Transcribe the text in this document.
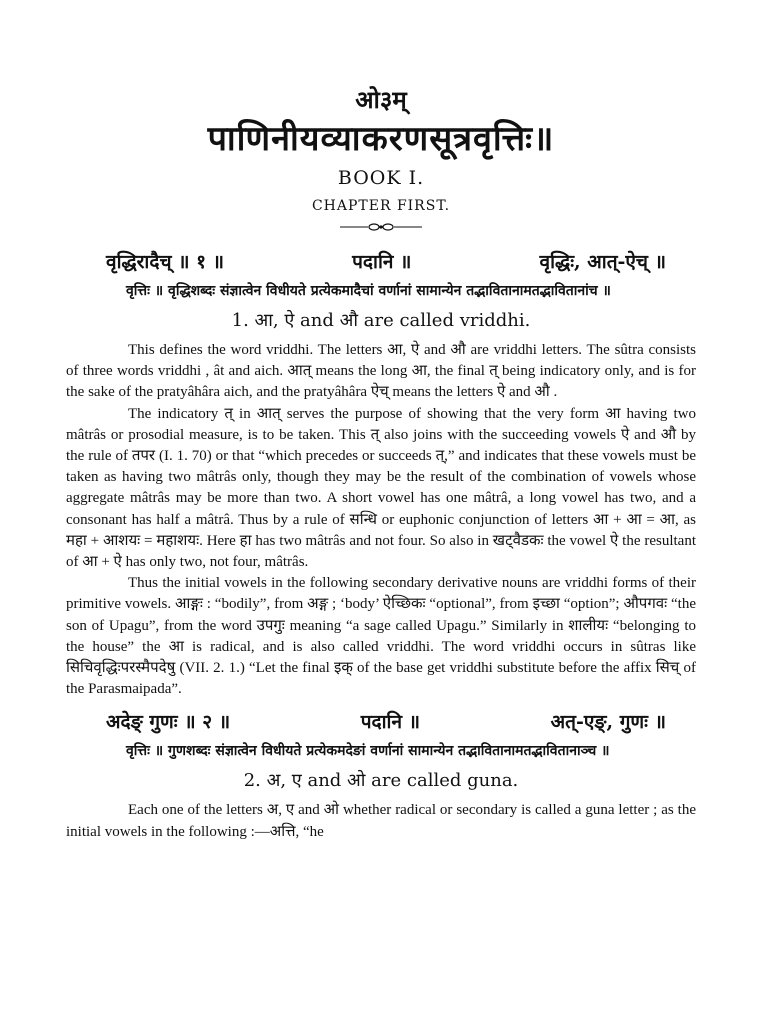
ओ३म्
पाणिनीयव्याकरणसूत्रवृत्तिः॥
BOOK I.
CHAPTER FIRST.
वृद्धिरादैच् ॥ १ ॥	पदानि ॥	वृद्धिः, आत्-ऐच् ॥
वृत्तिः ॥ वृद्धिशब्दः संज्ञात्वेन विधीयते प्रत्येकमादैचां वर्णानां सामान्येन तद्भावितानामतद्भावितानांच ॥
1. आ, ऐ and औ are called vriddhi.

This defines the word vriddhi. The letters आ, ऐ and औ are vriddhi letters. The sûtra consists of three words vriddhi , ât and aich. आत् means the long आ, the final त् being indicatory only, and is for the sake of the pratyâhâra aich, and the pratyâhâra ऐच् means the letters ऐ and औ .

The indicatory त् in आत् serves the purpose of showing that the very form आ having two mâtrâs or prosodial measure, is to be taken. This त् also joins with the succeeding vowels ऐ and औ by the rule of तपर (I. 1. 70) or that “which precedes or succeeds त्,” and indicates that these vowels must be taken as having two mâtrâs only, though they may be the result of the combination of vowels whose aggregate mâtrâs may be more than two. A short vowel has one mâtrâ, a long vowel has two, and a consonant has half a mâtrâ. Thus by a rule of सन्धि or euphonic conjunction of letters आ + आ = आ, as महा + आशयः = महाशयः. Here हा has two mâtrâs and not four. So also in खट्वैडकः the vowel ऐ the resultant of आ + ऐ has only two, not four, mâtrâs.

Thus the initial vowels in the following secondary derivative nouns are vriddhi forms of their primitive vowels. आङ्गः : “bodily”, from अङ्ग ; ‘body’ ऐच्छिकः “optional”, from इच्छा “option”; औपगवः “the son of Upagu”, from the word उपगुः meaning “a sage called Upagu.” Similarly in शालीयः “belonging to the house” the आ is radical, and is also called vriddhi. The word vriddhi occurs in sûtras like सिचिवृद्धिःपरस्मैपदेषु (VII. 2. 1.) “Let the final इक् of the base get vriddhi substitute before the affix सिच् of the Parasmaipada”.

अदेङ् गुणः ॥ २ ॥	पदानि ॥	अत्-एङ्, गुणः ॥
वृत्तिः ॥ गुणशब्दः संज्ञात्वेन विधीयते प्रत्येकमदेङां वर्णानां सामान्येन तद्भावितानामतद्भावितानाञ्च ॥
2. अ, ए and ओ are called guna.

Each one of the letters अ, ए and ओ whether radical or secondary is called a guna letter ; as the initial vowels in the following :—अत्ति, “he
